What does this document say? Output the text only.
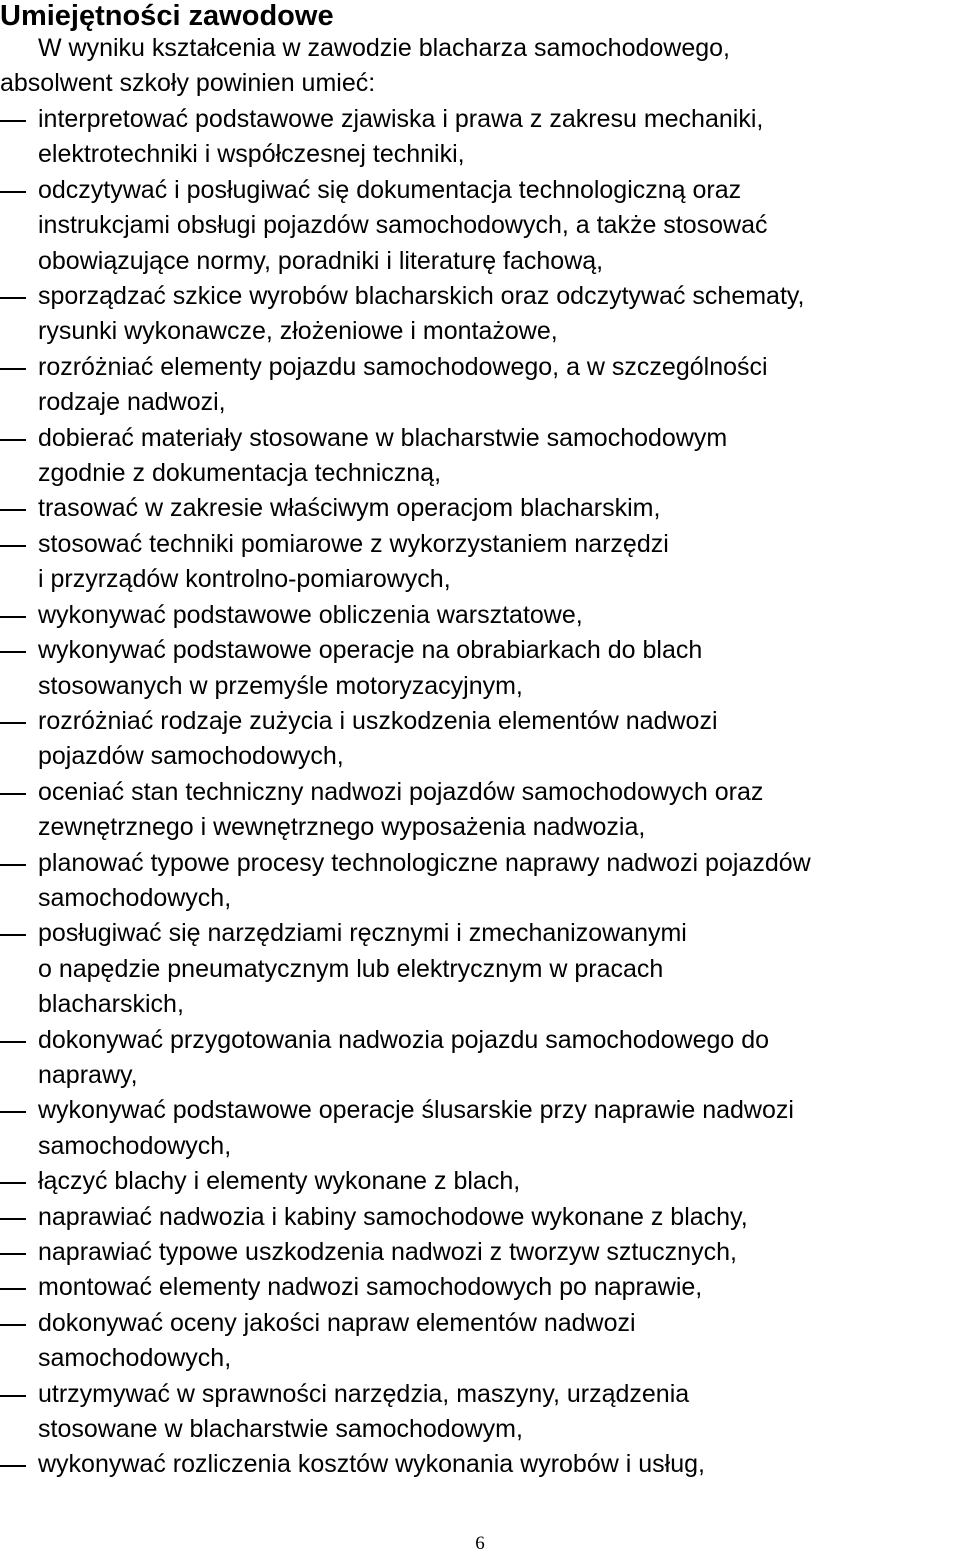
Umiejętności zawodowe

W wyniku kształcenia w zawodzie blacharza samochodowego,
absolwent szkoły powinien umieć:

interpretować podstawowe zjawiska i prawa z zakresu mechaniki,
elektrotechniki i współczesnej techniki,
odczytywać i posługiwać się dokumentacja technologiczną oraz
instrukcjami obsługi pojazdów samochodowych, a także stosować
obowiązujące normy, poradniki i literaturę fachową,
sporządzać szkice wyrobów blacharskich oraz odczytywać schematy,
rysunki wykonawcze, złożeniowe i montażowe,
rozróżniać elementy pojazdu samochodowego, a w szczególności
rodzaje nadwozi,
dobierać materiały stosowane w blacharstwie samochodowym
zgodnie z dokumentacja techniczną,
trasować w zakresie właściwym operacjom blacharskim,
stosować techniki pomiarowe z wykorzystaniem narzędzi
i przyrządów kontrolno-pomiarowych,
wykonywać podstawowe obliczenia warsztatowe,
wykonywać podstawowe operacje na obrabiarkach do blach
stosowanych w przemyśle motoryzacyjnym,
rozróżniać rodzaje zużycia i uszkodzenia elementów nadwozi
pojazdów samochodowych,
oceniać stan techniczny nadwozi pojazdów samochodowych oraz
zewnętrznego i wewnętrznego wyposażenia nadwozia,
planować typowe procesy technologiczne naprawy nadwozi pojazdów
samochodowych,
posługiwać się narzędziami ręcznymi i zmechanizowanymi
o napędzie pneumatycznym lub elektrycznym w pracach
blacharskich,
dokonywać przygotowania nadwozia pojazdu samochodowego do
naprawy,
wykonywać podstawowe operacje ślusarskie przy naprawie nadwozi
samochodowych,
łączyć blachy i elementy wykonane z blach,
naprawiać nadwozia i kabiny samochodowe wykonane z blachy,
naprawiać typowe uszkodzenia nadwozi z tworzyw sztucznych,
montować elementy nadwozi samochodowych po naprawie,
dokonywać oceny jakości napraw elementów nadwozi
samochodowych,
utrzymywać w sprawności narzędzia, maszyny, urządzenia
stosowane w blacharstwie samochodowym,
wykonywać rozliczenia kosztów wykonania wyrobów i usług,
6
